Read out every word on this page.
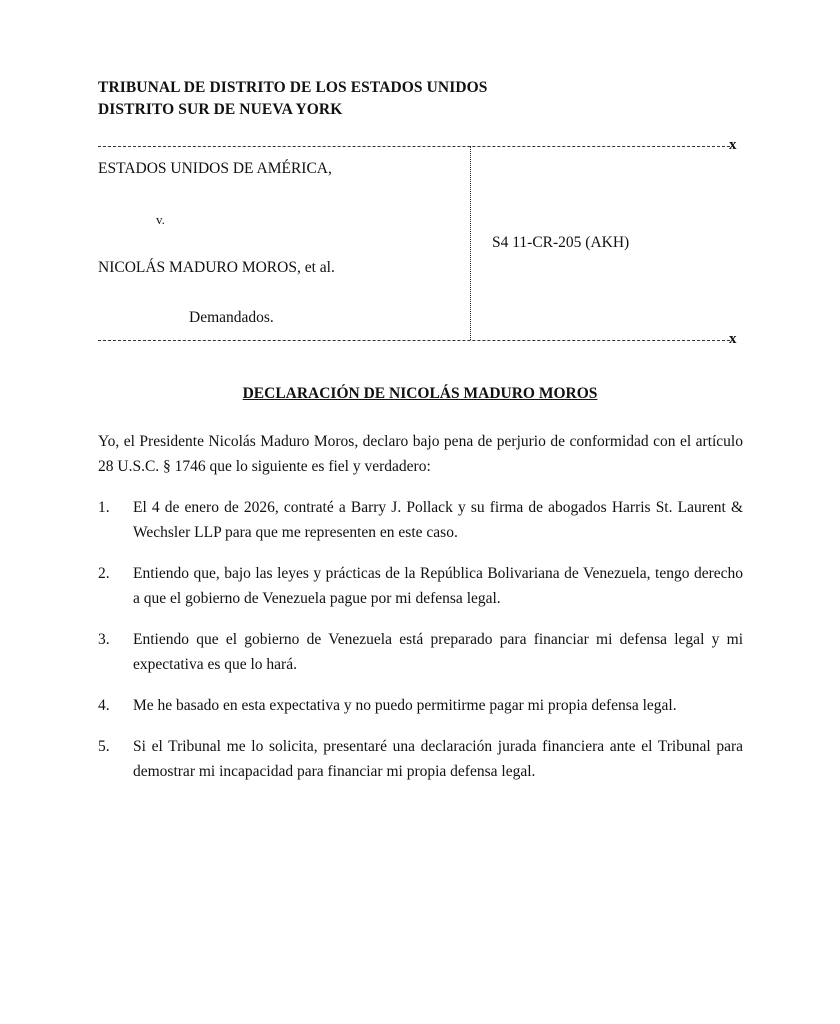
TRIBUNAL DE DISTRITO DE LOS ESTADOS UNIDOS
DISTRITO SUR DE NUEVA YORK
x
x
ESTADOS UNIDOS DE AMÉRICA,
v.
NICOLÁS MADURO MOROS, et al.
Demandados.
S4 11-CR-205 (AKH)
DECLARACIÓN DE NICOLÁS MADURO MOROS
Yo, el Presidente Nicolás Maduro Moros, declaro bajo pena de perjurio de conformidad con el artículo 28 U.S.C. § 1746 que lo siguiente es fiel y verdadero:
1. El 4 de enero de 2026, contraté a Barry J. Pollack y su firma de abogados Harris St. Laurent & Wechsler LLP para que me representen en este caso.
2. Entiendo que, bajo las leyes y prácticas de la República Bolivariana de Venezuela, tengo derecho a que el gobierno de Venezuela pague por mi defensa legal.
3. Entiendo que el gobierno de Venezuela está preparado para financiar mi defensa legal y mi expectativa es que lo hará.
4. Me he basado en esta expectativa y no puedo permitirme pagar mi propia defensa legal.
5. Si el Tribunal me lo solicita, presentaré una declaración jurada financiera ante el Tribunal para demostrar mi incapacidad para financiar mi propia defensa legal.
